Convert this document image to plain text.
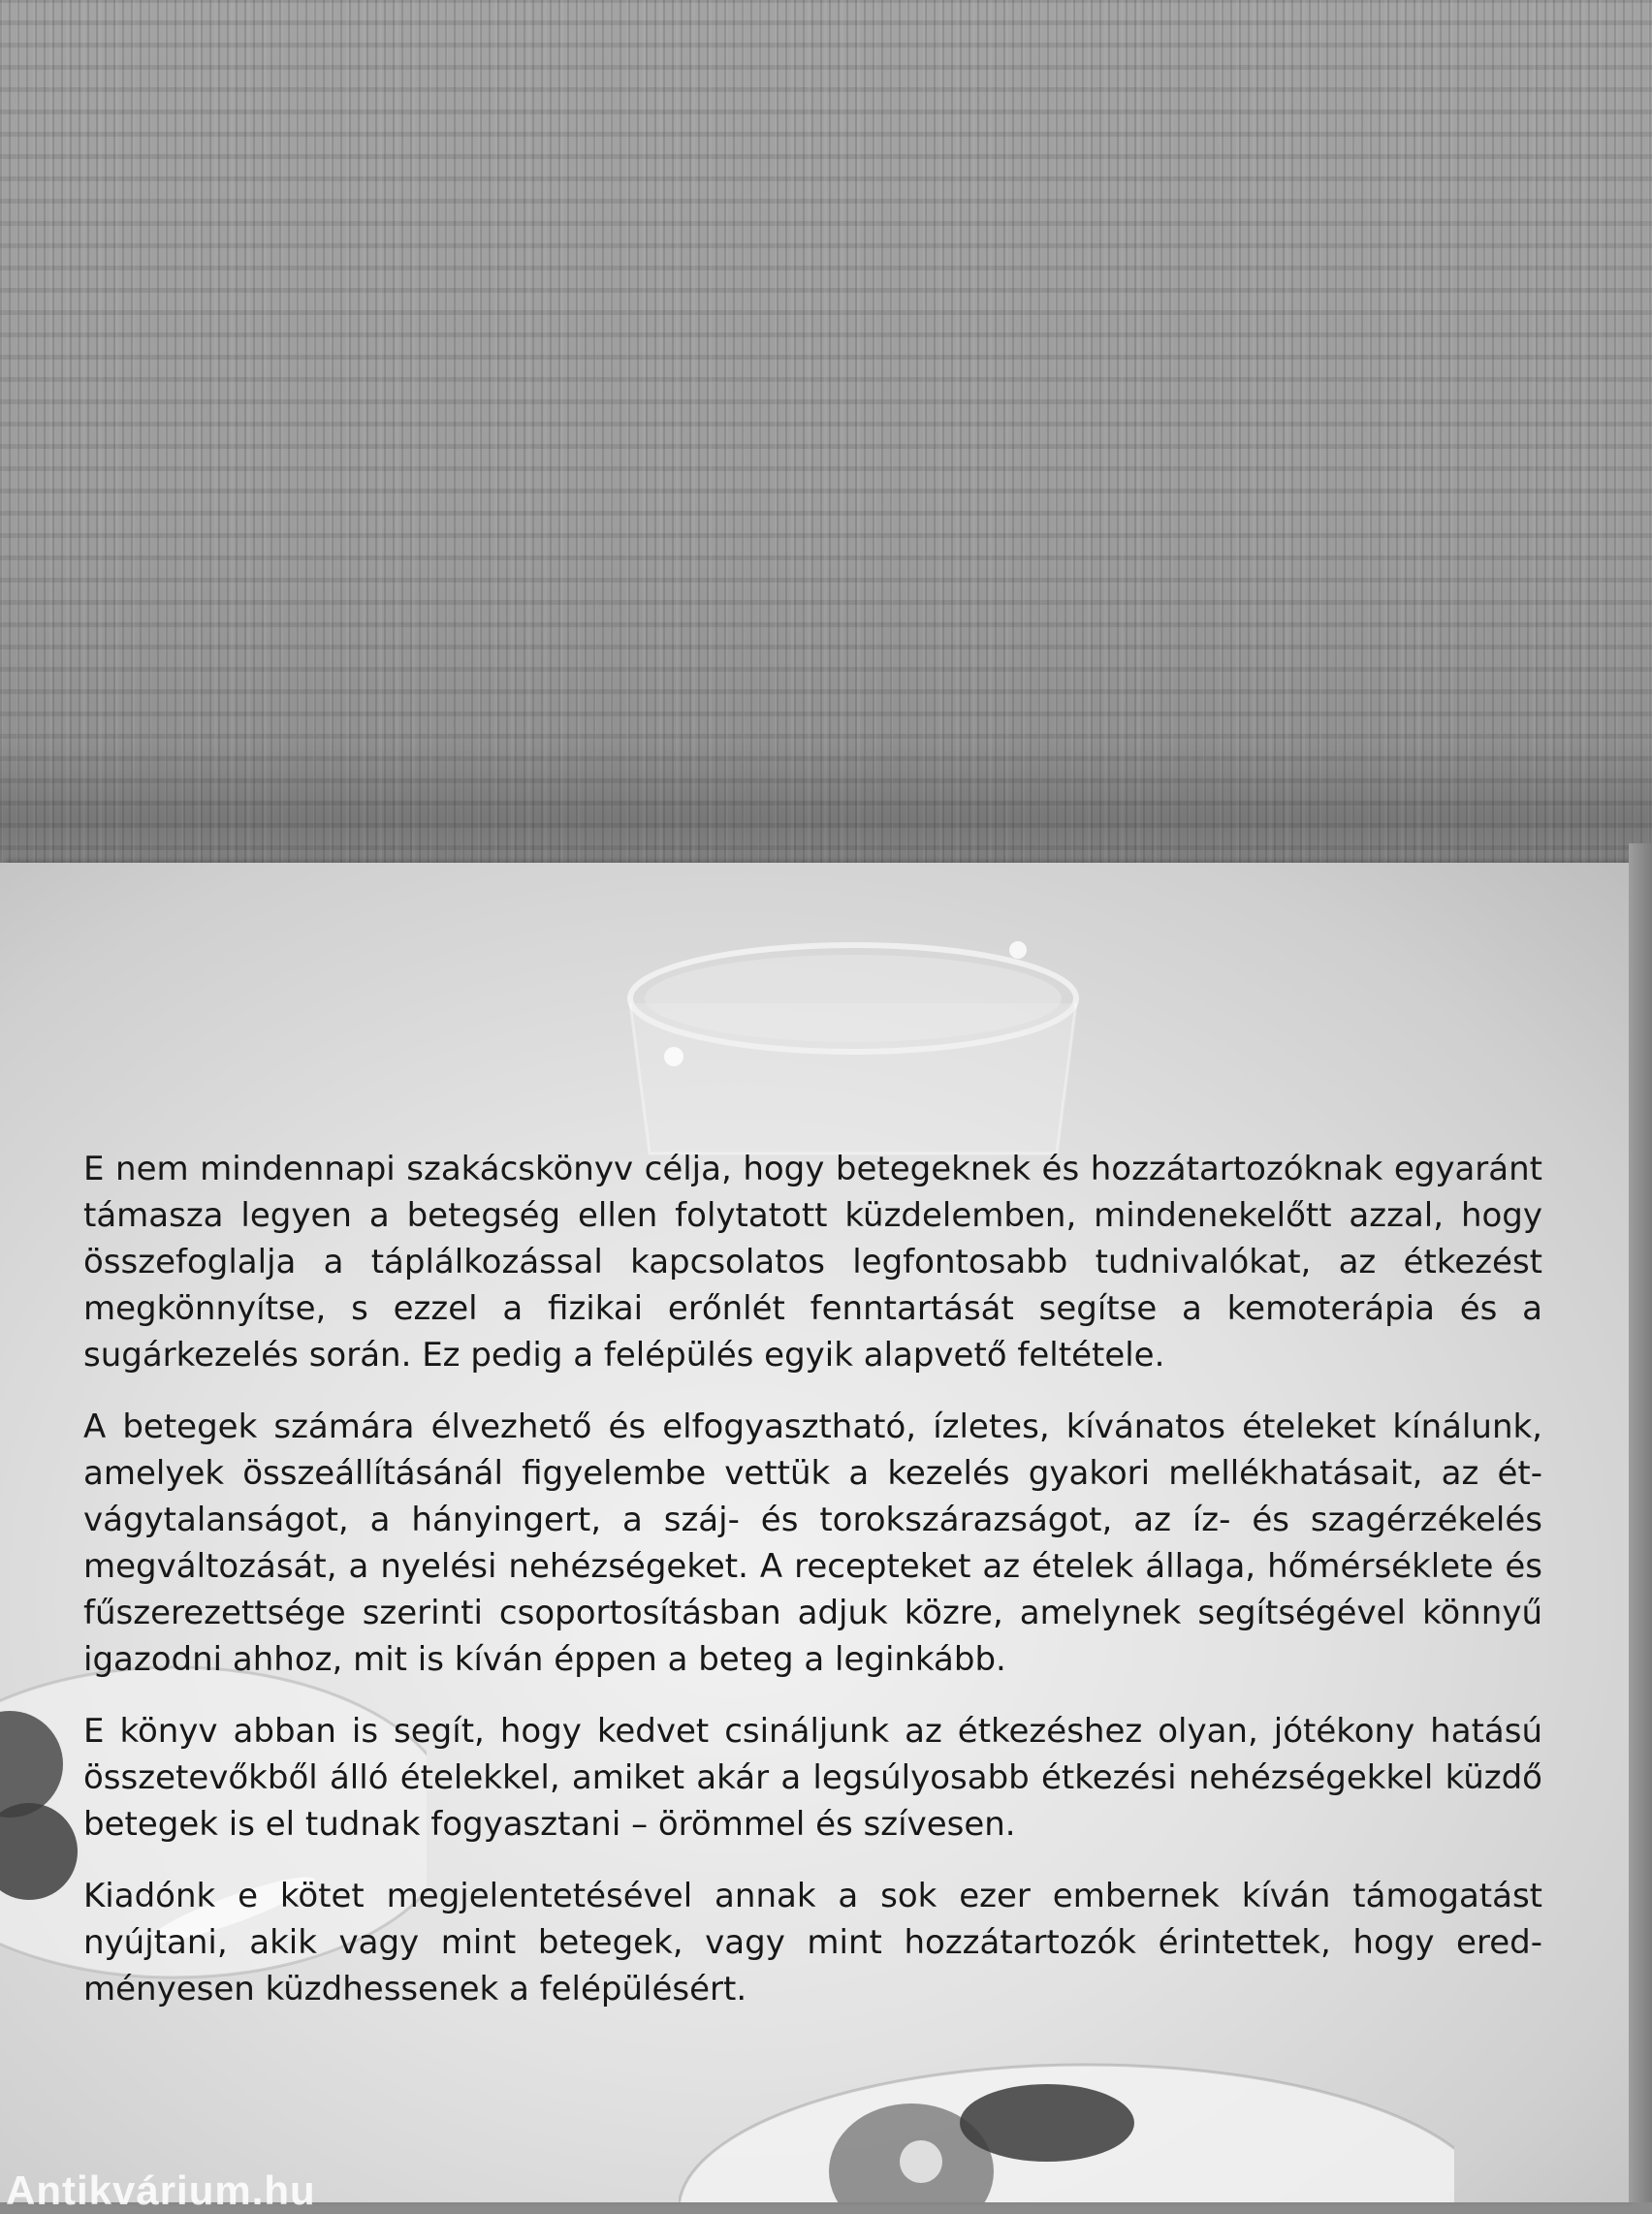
E nem mindennapi szakácskönyv célja, hogy betegeknek és hozzátartozóknak egyaránt támasza legyen a betegség ellen folytatott küzdelemben, mindenekelőtt azzal, hogy összefoglalja a táplálkozással kapcsolatos legfontosabb tudnivalókat, az étkezést megkönnyítse, s ezzel a fizikai erőnlét fenntartását segítse a kemoterápia és a sugárkezelés során. Ez pedig a felépülés egyik alapvető feltétele.

A betegek számára élvezhető és elfogyasztható, ízletes, kívánatos ételeket kínálunk, amelyek összeállításánál figyelembe vettük a kezelés gyakori mellékhatásait, az étvágytalanságot, a hányingert, a száj- és torokszárazságot, az íz- és szagérzékelés megváltozását, a nyelési nehézségeket. A recepteket az ételek állaga, hőmérséklete és fűszerezettsége szerinti csoportosításban adjuk közre, amelynek segítségével könnyű igazodni ahhoz, mit is kíván éppen a beteg a leginkább.

E könyv abban is segít, hogy kedvet csináljunk az étkezéshez olyan, jótékony hatású összetevőkből álló ételekkel, amiket akár a legsúlyosabb étkezési nehézségekkel küzdő betegek is el tudnak fogyasztani – örömmel és szívesen.

Kiadónk e kötet megjelentetésével annak a sok ezer embernek kíván támogatást nyújtani, akik vagy mint betegek, vagy mint hozzátartozók érintettek, hogy eredményesen küzdhessenek a felépülésért.

Antikvárium.hu
